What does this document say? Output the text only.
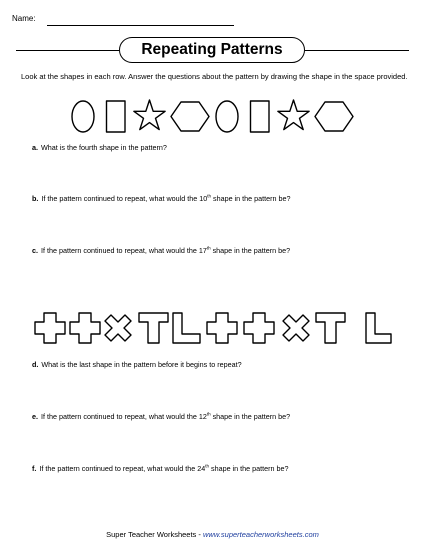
Name:
Repeating Patterns
Look at the shapes in each row. Answer the questions about the pattern by drawing the shape in the space provided.
a. What is the fourth shape in the pattern?
b. If the pattern continued to repeat, what would the 10th shape in the pattern be?
c. If the pattern continued to repeat, what would the 17th shape in the pattern be?
d. What is the last shape in the pattern before it begins to repeat?
e. If the pattern continued to repeat, what would the 12th shape in the pattern be?
f. If the pattern continued to repeat, what would the 24th shape in the pattern be?
Super Teacher Worksheets - www.superteacherworksheets.com
